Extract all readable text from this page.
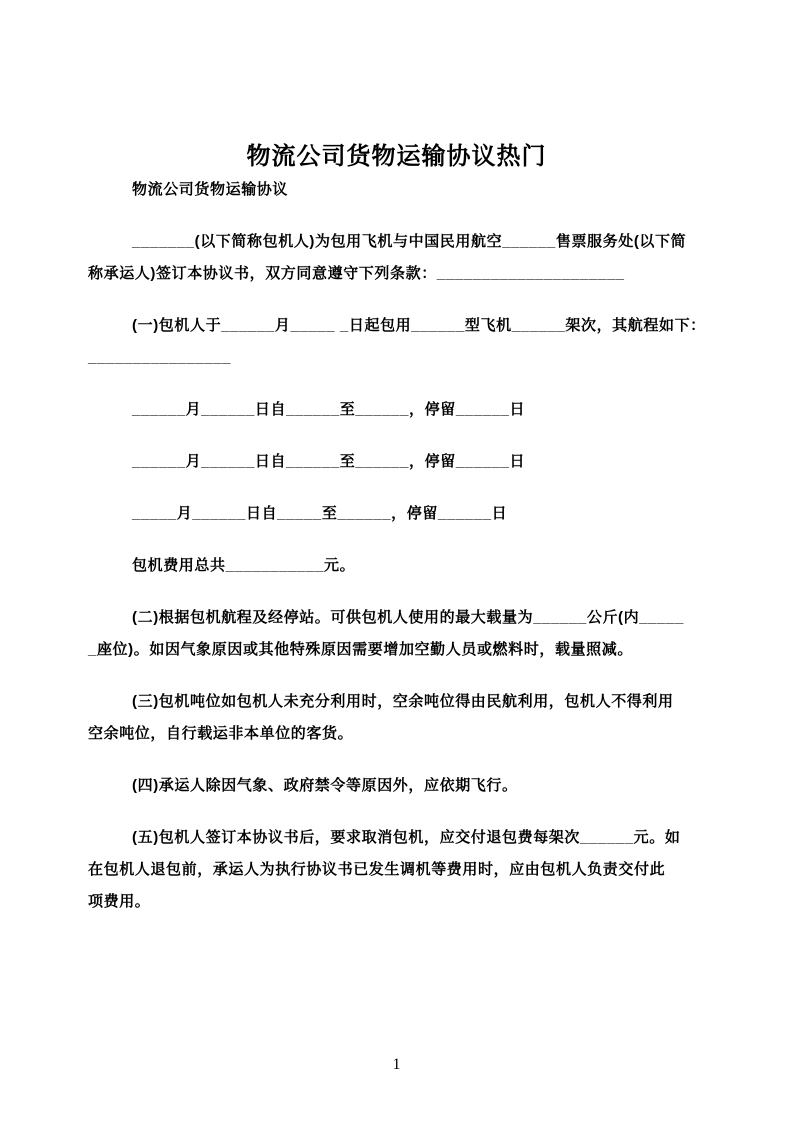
物流公司货物运输协议热门

物流公司货物运输协议

_______(以下简称包机人)为包用飞机与中国民用航空______售票服务处(以下简
称承运人)签订本协议书，双方同意遵守下列条款：_____________________

(一)包机人于______月_____ _日起包用______型飞机______架次，其航程如下：
________________

______月______日自______至______，停留______日

______月______日自______至______，停留______日

_____月______日自_____至______，停留______日

包机费用总共___________元。

(二)根据包机航程及经停站。可供包机人使用的最大载量为______公斤(内_____
_座位)。如因气象原因或其他特殊原因需要增加空勤人员或燃料时，载量照减。

(三)包机吨位如包机人未充分利用时，空余吨位得由民航利用，包机人不得利用
空余吨位，自行载运非本单位的客货。

(四)承运人除因气象、政府禁令等原因外，应依期飞行。

(五)包机人签订本协议书后，要求取消包机，应交付退包费每架次______元。如
在包机人退包前，承运人为执行协议书已发生调机等费用时，应由包机人负责交付此
项费用。

1
